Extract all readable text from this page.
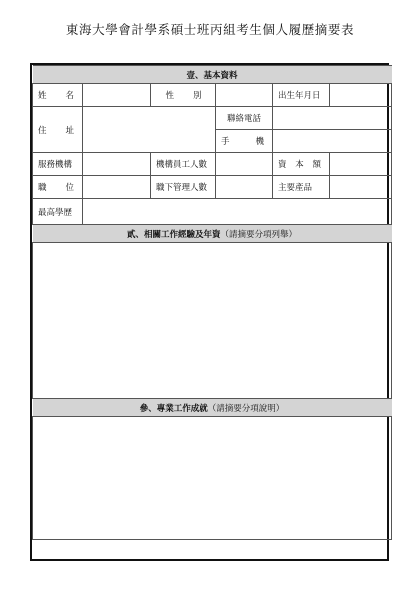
東海大學會計學系碩士班丙組考生個人履歷摘要表
壹、基本資料					

姓 名		性 別		出生年月日	

住 址			聯絡電話		

			手 機		

服務機構		機構員工人數		資 本 額	

職 位		職下管理人數		主要產品	
最高學歷					
貳、相關工作經驗及年資（請摘要分項列舉）					

參、專業工作成就（請摘要分項說明）					
